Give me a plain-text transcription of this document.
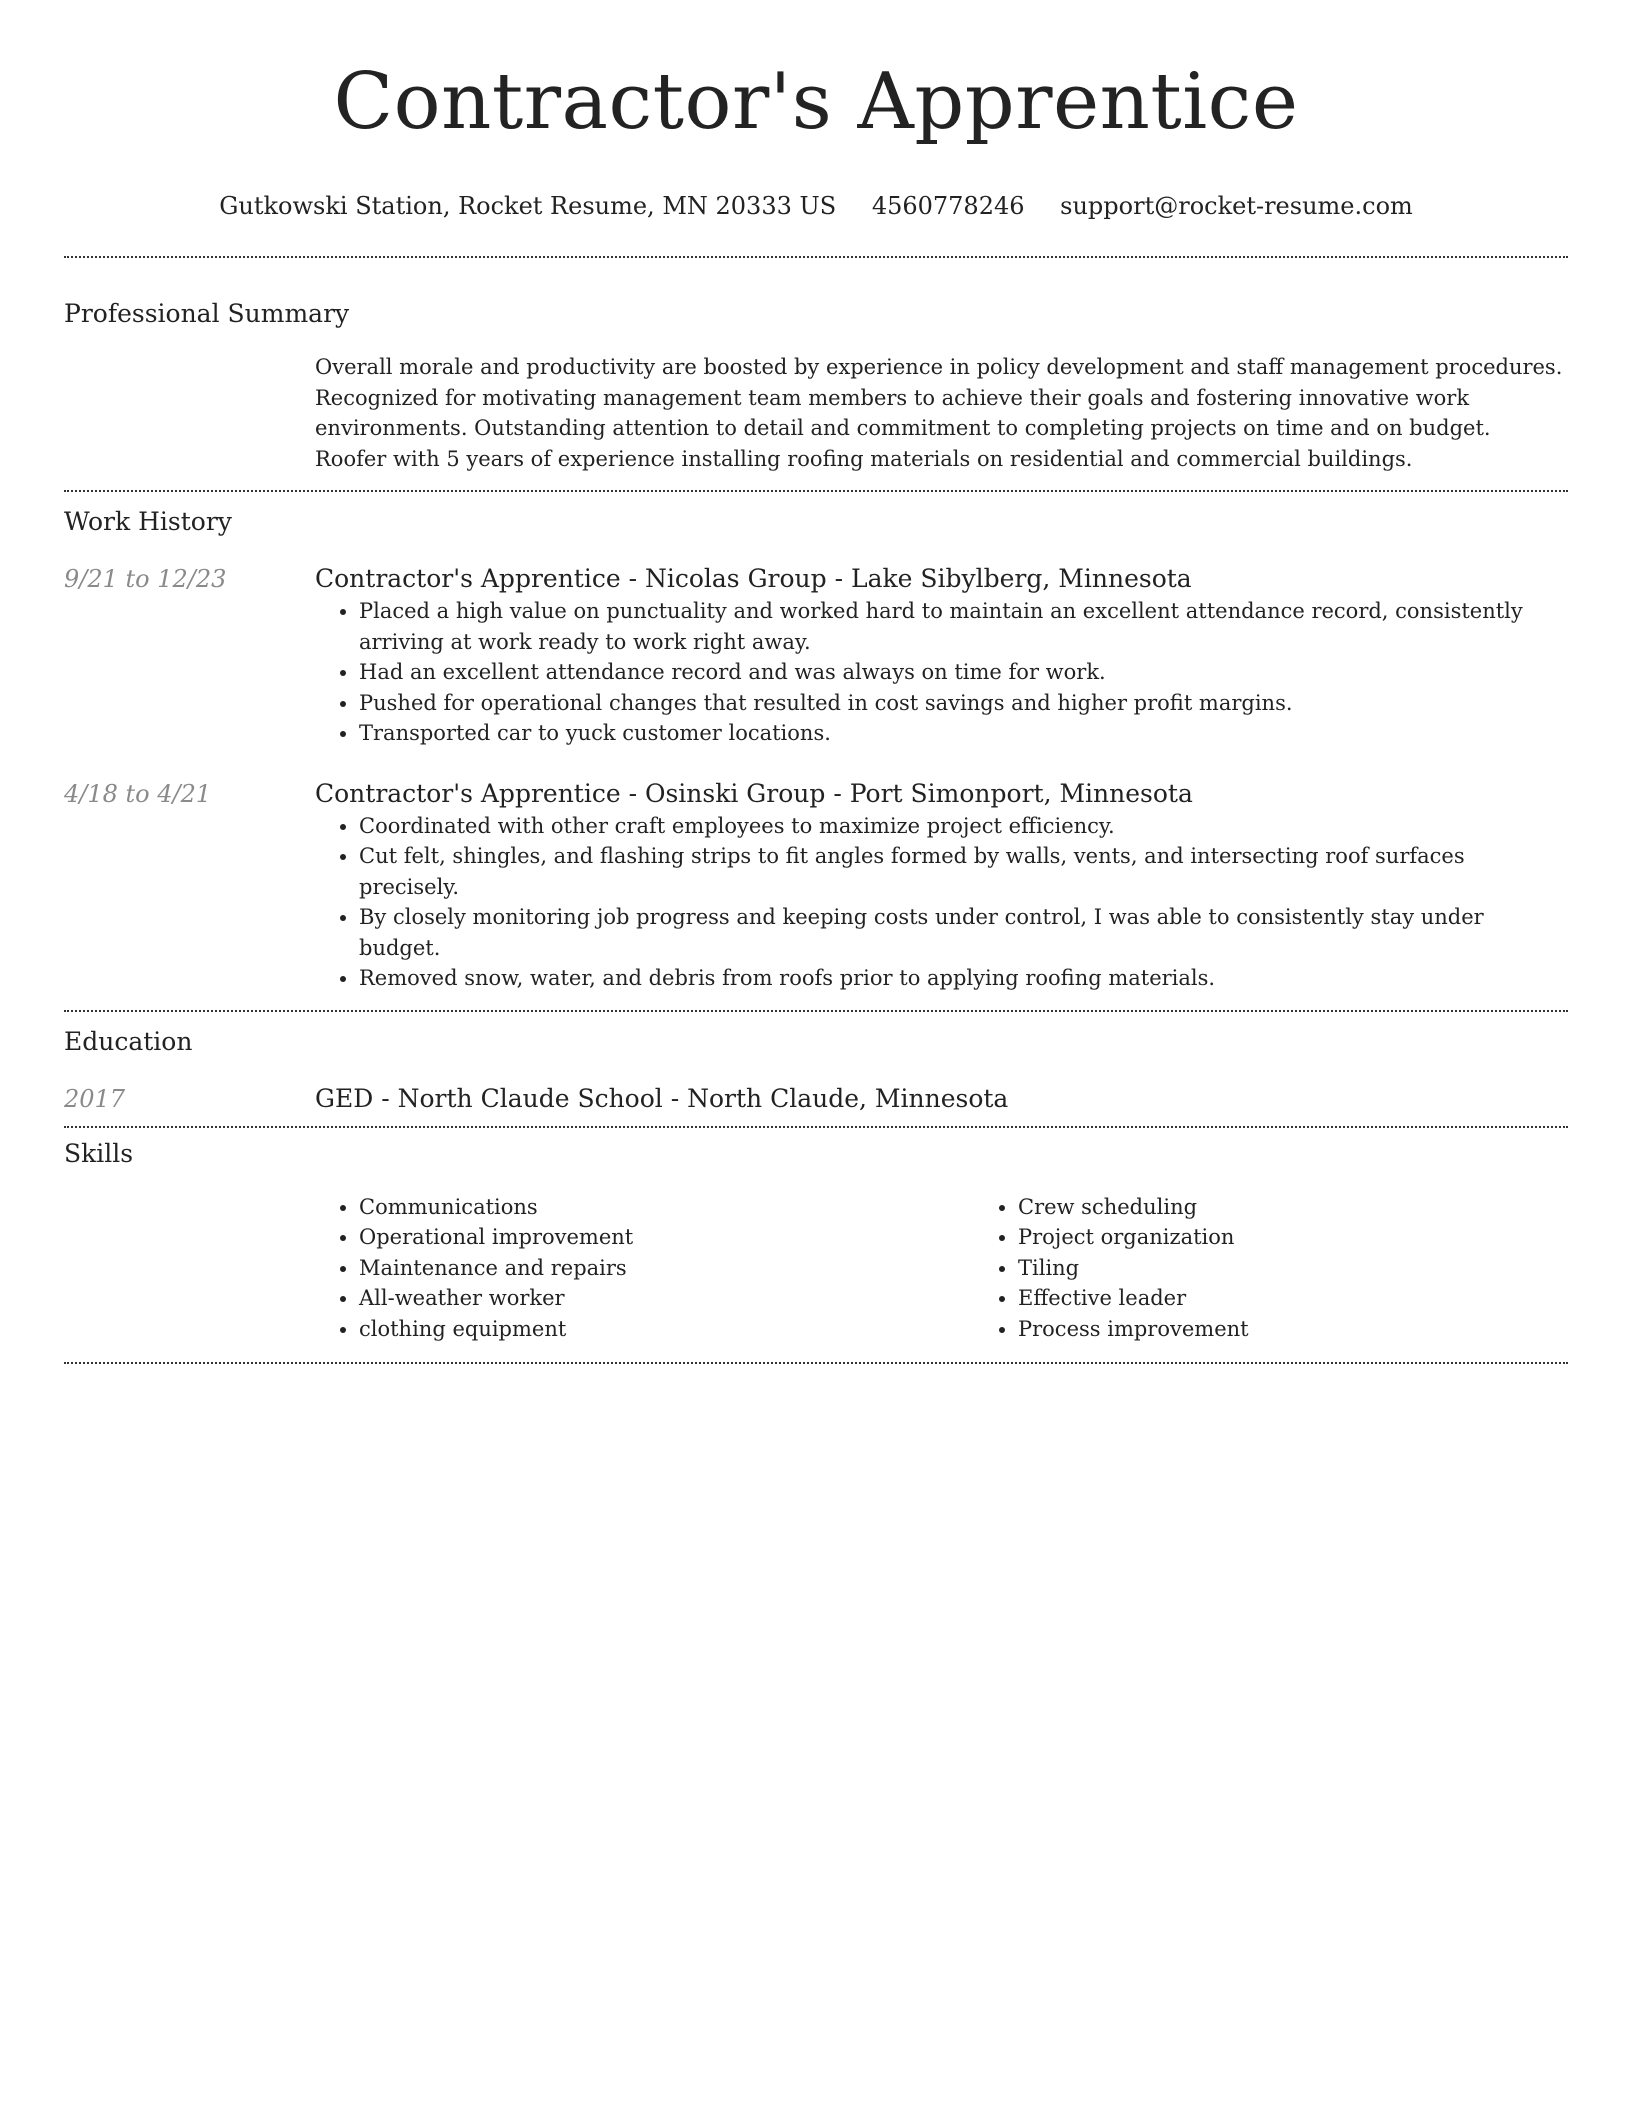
Contractor's Apprentice
Gutkowski Station, Rocket Resume, MN 20333 US 4560778246 support@rocket-resume.com
Professional Summary
Overall morale and productivity are boosted by experience in policy development and staff management procedures. Recognized for motivating management team members to achieve their goals and fostering innovative work environments. Outstanding attention to detail and commitment to completing projects on time and on budget. Roofer with 5 years of experience installing roofing materials on residential and commercial buildings.
Work History
9/21 to 12/23	Contractor's Apprentice - Nicolas Group - Lake Sibylberg, Minnesota
• Placed a high value on punctuality and worked hard to maintain an excellent attendance record, consistently arriving at work ready to work right away.
• Had an excellent attendance record and was always on time for work.
• Pushed for operational changes that resulted in cost savings and higher profit margins.
• Transported car to yuck customer locations.
4/18 to 4/21	Contractor's Apprentice - Osinski Group - Port Simonport, Minnesota
• Coordinated with other craft employees to maximize project efficiency.
• Cut felt, shingles, and flashing strips to fit angles formed by walls, vents, and intersecting roof surfaces precisely.
• By closely monitoring job progress and keeping costs under control, I was able to consistently stay under budget.
• Removed snow, water, and debris from roofs prior to applying roofing materials.
Education
2017	GED - North Claude School - North Claude, Minnesota
Skills
• Communications
• Operational improvement
• Maintenance and repairs
• All-weather worker
• clothing equipment
• Crew scheduling
• Project organization
• Tiling
• Effective leader
• Process improvement
